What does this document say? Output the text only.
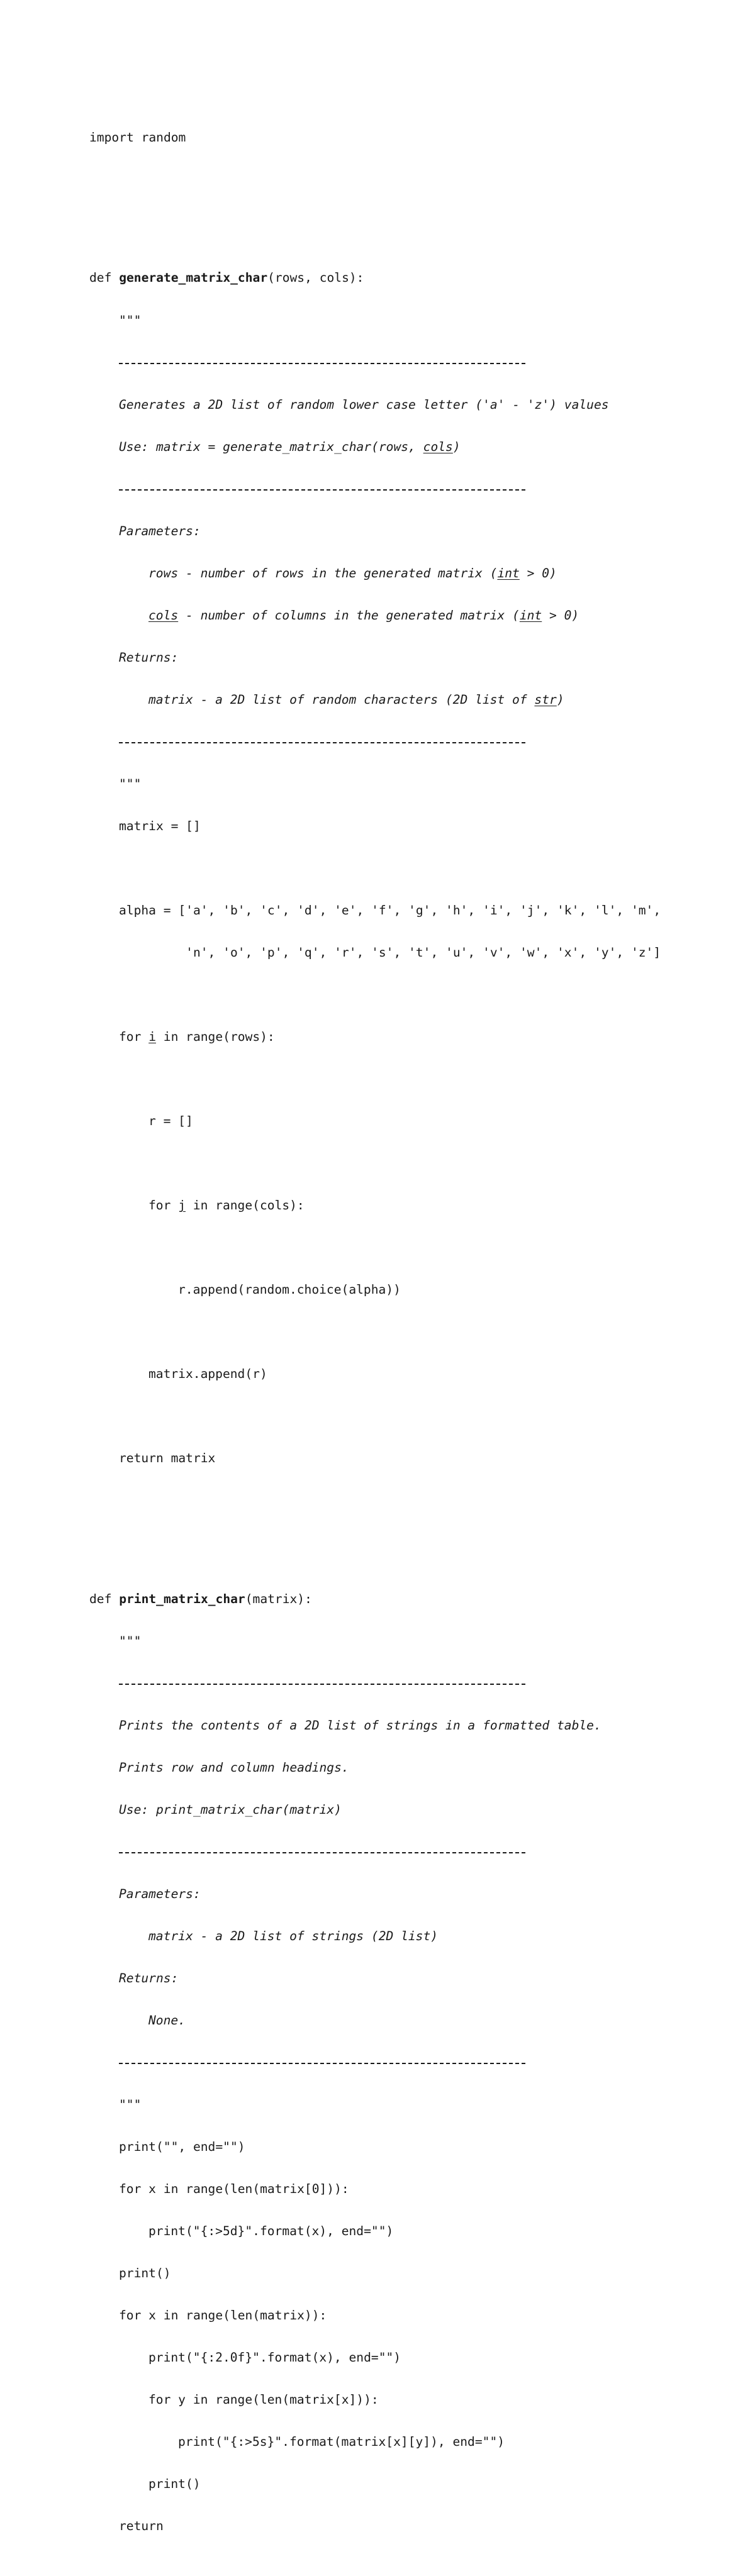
import random

def generate_matrix_char(rows, cols):

"""

Generates a 2D list of random lower case letter ('a' - 'z') values

Use: matrix = generate_matrix_char(rows, cols)

Parameters:

rows - number of rows in the generated matrix (int > 0)

cols - number of columns in the generated matrix (int > 0)

Returns:

matrix - a 2D list of random characters (2D list of str)

"""

matrix = []

alpha = ['a', 'b', 'c', 'd', 'e', 'f', 'g', 'h', 'i', 'j', 'k', 'l', 'm',

'n', 'o', 'p', 'q', 'r', 's', 't', 'u', 'v', 'w', 'x', 'y', 'z']

for i in range(rows):

r = []

for j in range(cols):

r.append(random.choice(alpha))

matrix.append(r)

return matrix

def print_matrix_char(matrix):

"""

Prints the contents of a 2D list of strings in a formatted table.

Prints row and column headings.

Use: print_matrix_char(matrix)

Parameters:

matrix - a 2D list of strings (2D list)

Returns:

None.

"""

print("", end="")

for x in range(len(matrix[0])):

print("{:>5d}".format(x), end="")

print()

for x in range(len(matrix)):

print("{:2.0f}".format(x), end="")

for y in range(len(matrix[x])):

print("{:>5s}".format(matrix[x][y]), end="")

print()

return
